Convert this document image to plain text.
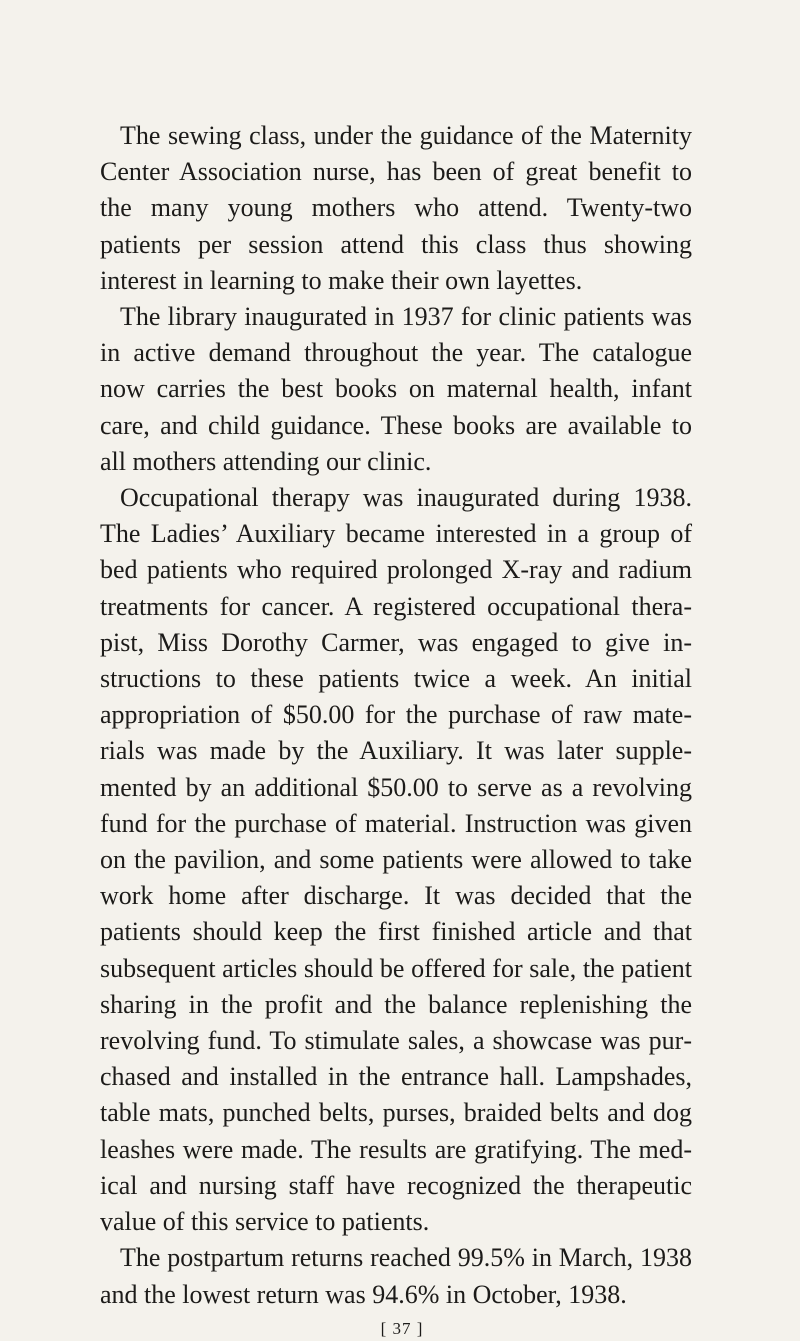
The sewing class, under the guidance of the Maternity Center Association nurse, has been of great benefit to the many young mothers who attend. Twenty-two patients per session attend this class thus showing interest in learning to make their own layettes.

The library inaugurated in 1937 for clinic patients was in active demand throughout the year. The catalogue now carries the best books on maternal health, infant care, and child guidance. These books are available to all mothers attending our clinic.

Occupational therapy was inaugurated during 1938. The Ladies’ Auxiliary became interested in a group of bed patients who required prolonged X-ray and radium treatments for cancer. A registered occupational therapist, Miss Dorothy Carmer, was engaged to give instructions to these patients twice a week. An initial appropriation of $50.00 for the purchase of raw materials was made by the Auxiliary. It was later supplemented by an additional $50.00 to serve as a revolving fund for the purchase of material. Instruction was given on the pavilion, and some patients were allowed to take work home after discharge. It was decided that the patients should keep the first finished article and that subsequent articles should be offered for sale, the patient sharing in the profit and the balance replenishing the revolving fund. To stimulate sales, a showcase was purchased and installed in the entrance hall. Lampshades, table mats, punched belts, purses, braided belts and dog leashes were made. The results are gratifying. The medical and nursing staff have recognized the therapeutic value of this service to patients.

The postpartum returns reached 99.5% in March, 1938 and the lowest return was 94.6% in October, 1938.

[ 37 ]
